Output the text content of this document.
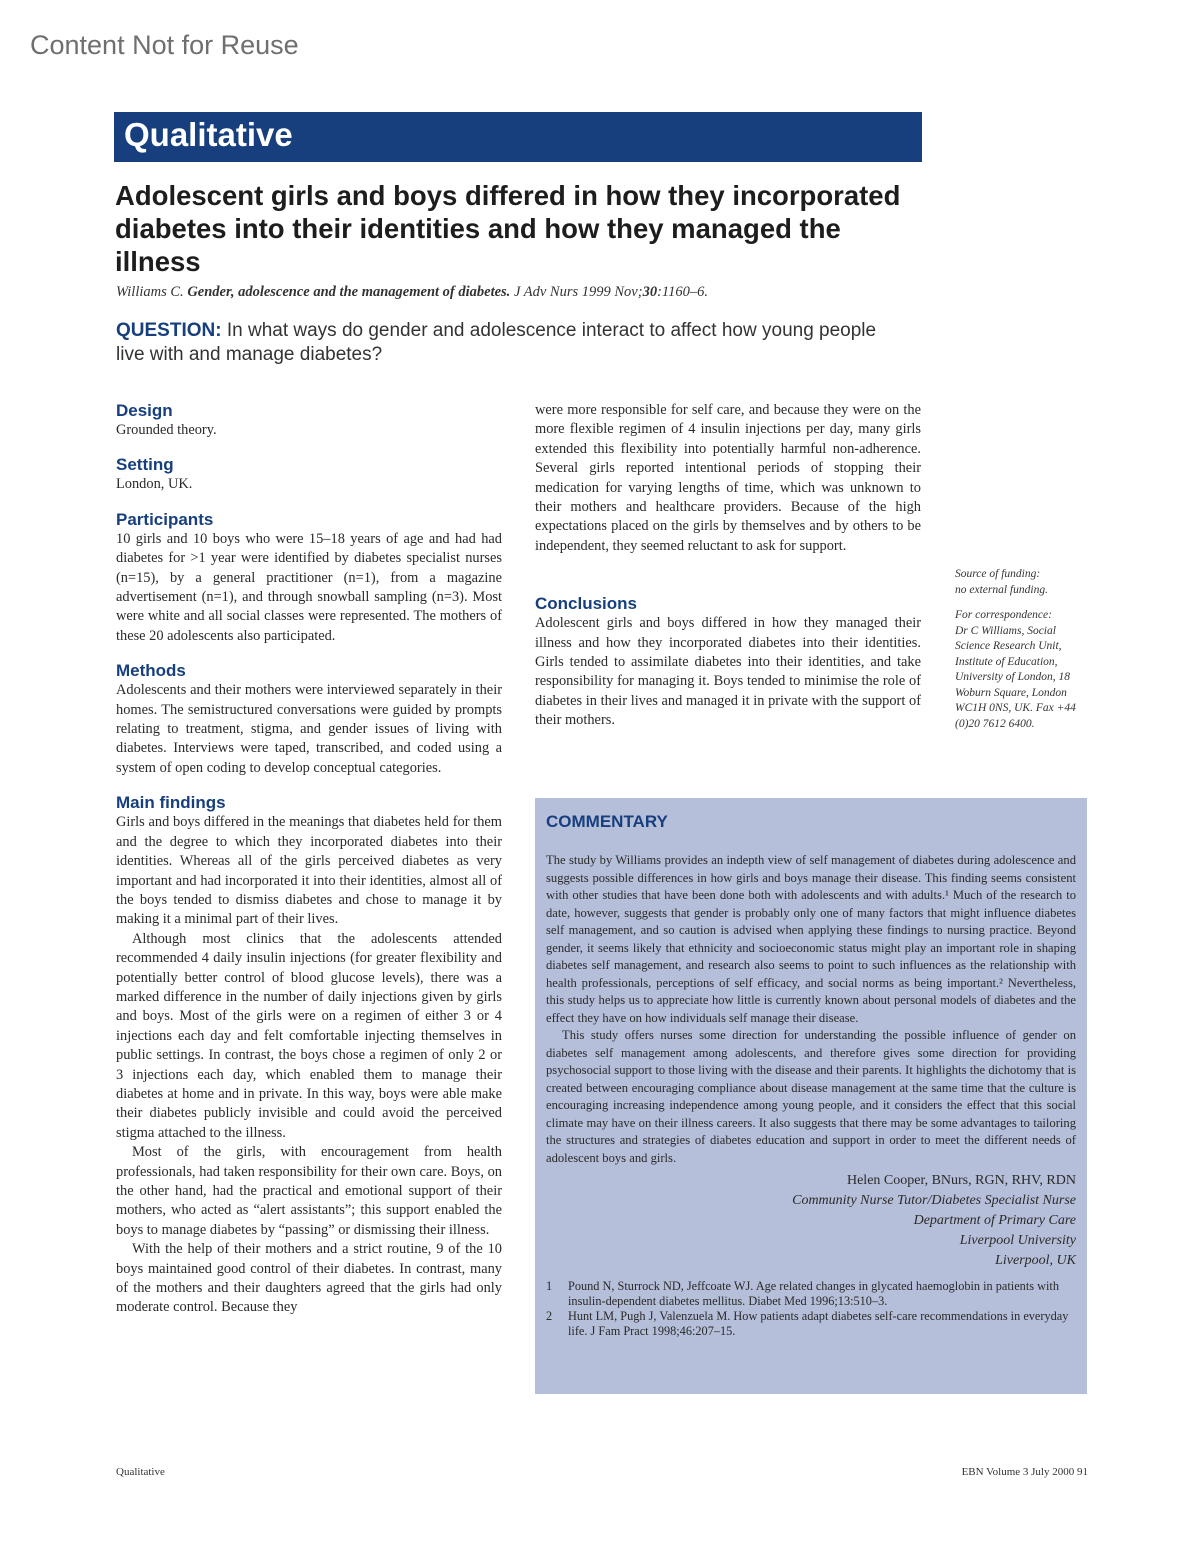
Content Not for Reuse
Qualitative
Adolescent girls and boys differed in how they incorporated diabetes into their identities and how they managed the illness
Williams C. Gender, adolescence and the management of diabetes. J Adv Nurs 1999 Nov;30:1160–6.
QUESTION: In what ways do gender and adolescence interact to affect how young people live with and manage diabetes?
Design

Grounded theory.

Setting

London, UK.

Participants

10 girls and 10 boys who were 15–18 years of age and had had diabetes for >1 year were identified by diabetes specialist nurses (n=15), by a general practitioner (n=1), from a magazine advertisement (n=1), and through snowball sampling (n=3). Most were white and all social classes were represented. The mothers of these 20 adolescents also participated.

Methods

Adolescents and their mothers were interviewed separately in their homes. The semistructured conversations were guided by prompts relating to treatment, stigma, and gender issues of living with diabetes. Interviews were taped, transcribed, and coded using a system of open coding to develop conceptual categories.

Main findings

Girls and boys differed in the meanings that diabetes held for them and the degree to which they incorporated diabetes into their identities. Whereas all of the girls perceived diabetes as very important and had incorporated it into their identities, almost all of the boys tended to dismiss diabetes and chose to manage it by making it a minimal part of their lives.

Although most clinics that the adolescents attended recommended 4 daily insulin injections (for greater flexibility and potentially better control of blood glucose levels), there was a marked difference in the number of daily injections given by girls and boys. Most of the girls were on a regimen of either 3 or 4 injections each day and felt comfortable injecting themselves in public settings. In contrast, the boys chose a regimen of only 2 or 3 injections each day, which enabled them to manage their diabetes at home and in private. In this way, boys were able make their diabetes publicly invisible and could avoid the perceived stigma attached to the illness.

Most of the girls, with encouragement from health professionals, had taken responsibility for their own care. Boys, on the other hand, had the practical and emotional support of their mothers, who acted as “alert assistants”; this support enabled the boys to manage diabetes by “passing” or dismissing their illness.

With the help of their mothers and a strict routine, 9 of the 10 boys maintained good control of their diabetes. In contrast, many of the mothers and their daughters agreed that the girls had only moderate control. Because they

were more responsible for self care, and because they were on the more flexible regimen of 4 insulin injections per day, many girls extended this flexibility into potentially harmful non-adherence. Several girls reported intentional periods of stopping their medication for varying lengths of time, which was unknown to their mothers and healthcare providers. Because of the high expectations placed on the girls by themselves and by others to be independent, they seemed reluctant to ask for support.

Conclusions

Adolescent girls and boys differed in how they managed their illness and how they incorporated diabetes into their identities. Girls tended to assimilate diabetes into their identities, and take responsibility for managing it. Boys tended to minimise the role of diabetes in their lives and managed it in private with the support of their mothers.

Source of funding:
no external funding.
For correspondence:
Dr C Williams, Social Science Research Unit, Institute of Education, University of London, 18 Woburn Square, London WC1H 0NS, UK. Fax +44 (0)20 7612 6400.
COMMENTARY

The study by Williams provides an indepth view of self management of diabetes during adolescence and suggests possible differences in how girls and boys manage their disease. This finding seems consistent with other studies that have been done both with adolescents and with adults.¹ Much of the research to date, however, suggests that gender is probably only one of many factors that might influence diabetes self management, and so caution is advised when applying these findings to nursing practice. Beyond gender, it seems likely that ethnicity and socioeconomic status might play an important role in shaping diabetes self management, and research also seems to point to such influences as the relationship with health professionals, perceptions of self efficacy, and social norms as being important.² Nevertheless, this study helps us to appreciate how little is currently known about personal models of diabetes and the effect they have on how individuals self manage their disease.

This study offers nurses some direction for understanding the possible influence of gender on diabetes self management among adolescents, and therefore gives some direction for providing psychosocial support to those living with the disease and their parents. It highlights the dichotomy that is created between encouraging compliance about disease management at the same time that the culture is encouraging increasing independence among young people, and it considers the effect that this social climate may have on their illness careers. It also suggests that there may be some advantages to tailoring the structures and strategies of diabetes education and support in order to meet the different needs of adolescent boys and girls.

Helen Cooper, BNurs, RGN, RHV, RDN
Community Nurse Tutor/Diabetes Specialist Nurse
Department of Primary Care
Liverpool University
Liverpool, UK
1	Pound N, Sturrock ND, Jeffcoate WJ. Age related changes in glycated haemoglobin in patients with insulin-dependent diabetes mellitus. Diabet Med 1996;13:510–3.
2	Hunt LM, Pugh J, Valenzuela M. How patients adapt diabetes self-care recommendations in everyday life. J Fam Pract 1998;46:207–15.
Qualitative	EBN Volume 3 July 2000 91
